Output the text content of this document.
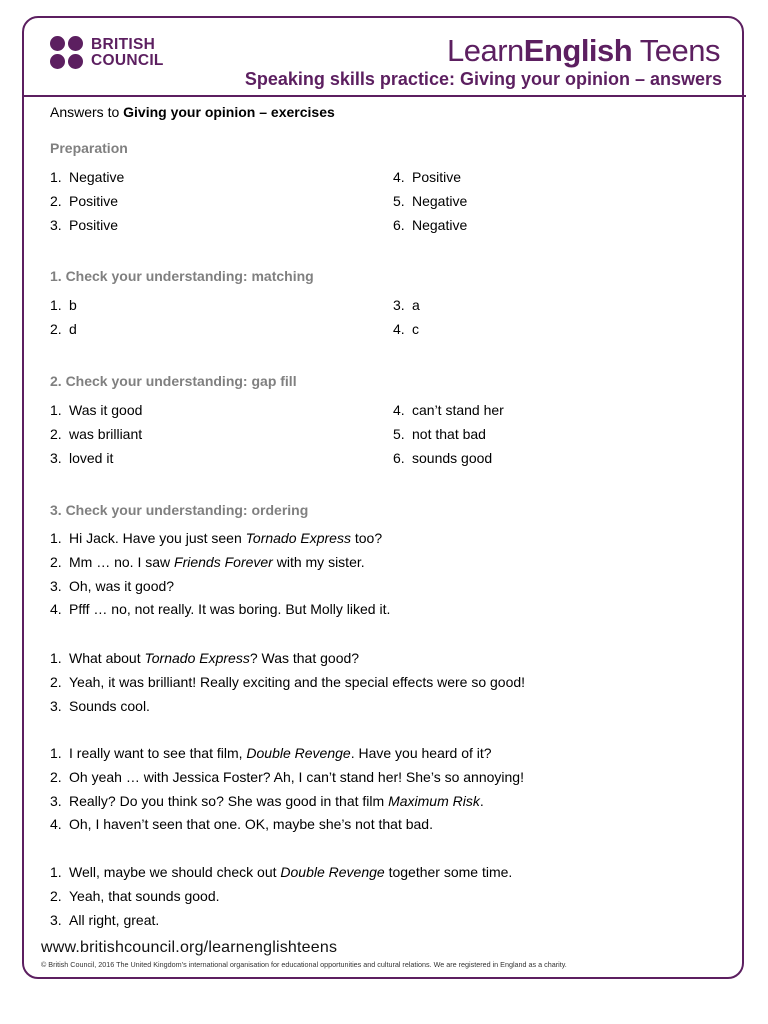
BRITISH
COUNCIL	LearnEnglish Teens
Speaking skills practice: Giving your opinion – answers
Answers to Giving your opinion – exercises
Preparation
1. Negative
2. Positive
3. Positive
4. Positive
5. Negative
6. Negative
1. Check your understanding: matching
1. b
2. d
3. a
4. c
2. Check your understanding: gap fill
1. Was it good
2. was brilliant
3. loved it
4. can’t stand her
5. not that bad
6. sounds good
3. Check your understanding: ordering
1. Hi Jack. Have you just seen Tornado Express too?
2. Mm … no. I saw Friends Forever with my sister.
3. Oh, was it good?
4. Pfff … no, not really. It was boring. But Molly liked it.
1. What about Tornado Express? Was that good?
2. Yeah, it was brilliant! Really exciting and the special effects were so good!
3. Sounds cool.
1. I really want to see that film, Double Revenge. Have you heard of it?
2. Oh yeah … with Jessica Foster? Ah, I can’t stand her! She’s so annoying!
3. Really? Do you think so? She was good in that film Maximum Risk.
4. Oh, I haven’t seen that one. OK, maybe she’s not that bad.
1. Well, maybe we should check out Double Revenge together some time.
2. Yeah, that sounds good.
3. All right, great.
www.britishcouncil.org/learnenglishteens
© British Council, 2016 The United Kingdom’s international organisation for educational opportunities and cultural relations. We are registered in England as a charity.
